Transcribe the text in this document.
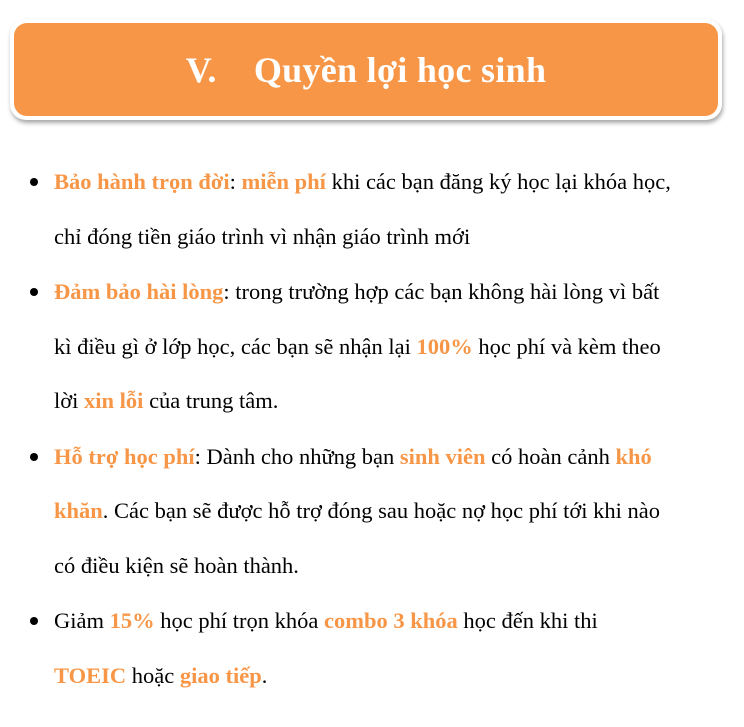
V.    Quyền lợi học sinh
Bảo hành trọn đời: miễn phí khi các bạn đăng ký học lại khóa học, chỉ đóng tiền giáo trình vì nhận giáo trình mới
Đảm bảo hài lòng: trong trường hợp các bạn không hài lòng vì bất kì điều gì ở lớp học, các bạn sẽ nhận lại 100% học phí và kèm theo lời xin lỗi của trung tâm.
Hỗ trợ học phí: Dành cho những bạn sinh viên có hoàn cảnh khó khăn. Các bạn sẽ được hỗ trợ đóng sau hoặc nợ học phí tới khi nào có điều kiện sẽ hoàn thành.
Giảm 15% học phí trọn khóa combo 3 khóa học đến khi thi TOEIC hoặc giao tiếp.
